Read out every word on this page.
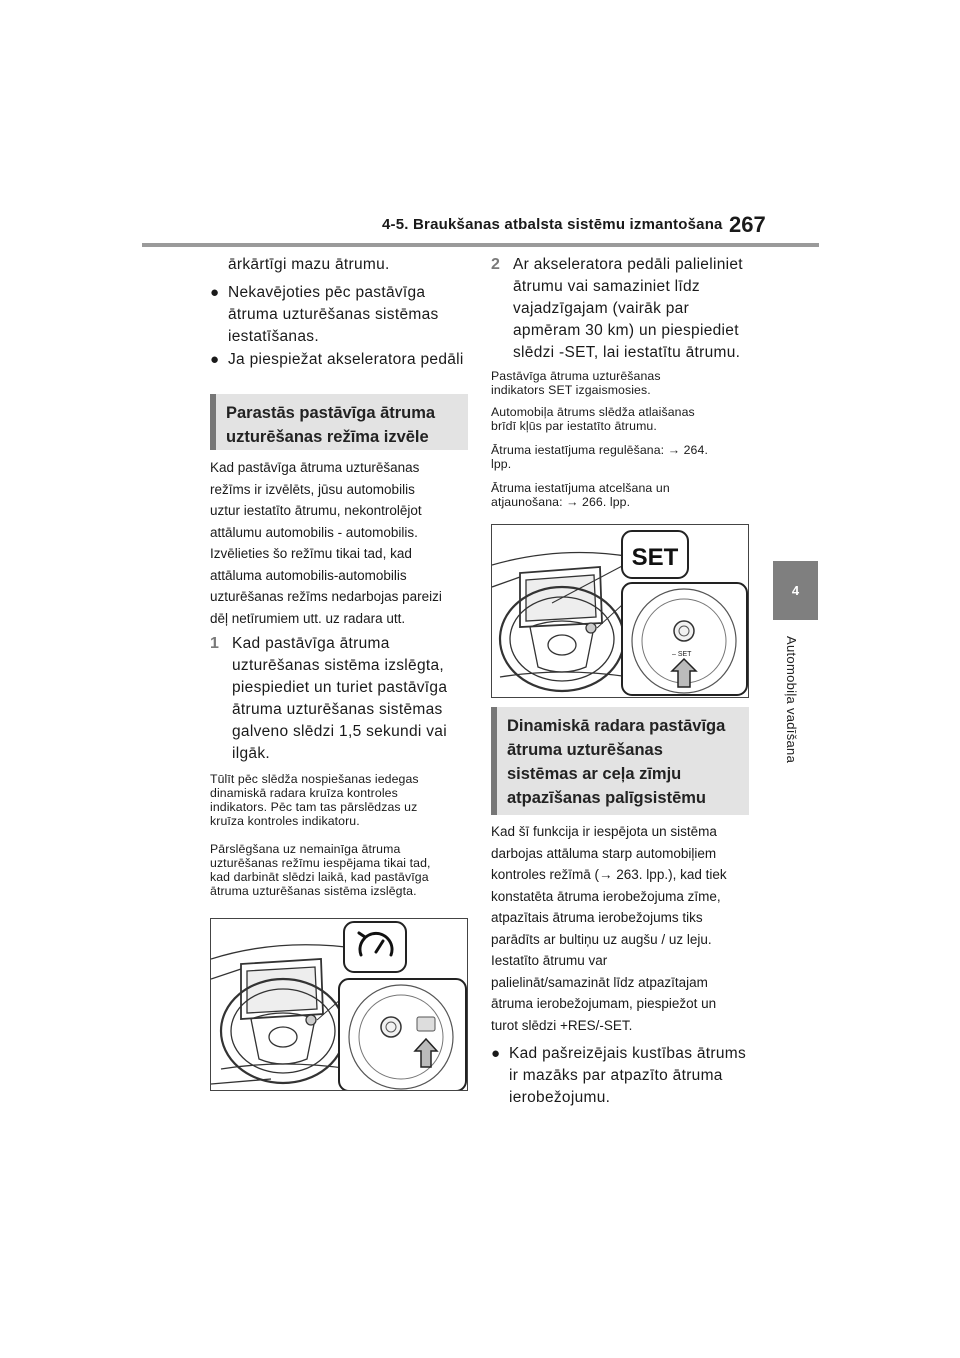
4-5. Braukšanas atbalsta sistēmu izmantošana 267
4
Automobiļa vadīšana
ārkārtīgi mazu ātrumu.
● Nekavējoties pēc pastāvīga
ātruma uzturēšanas sistēmas
iestatīšanas.
● Ja piespiežat akseleratora pedāli
Parastās pastāvīga ātruma
uzturēšanas režīma izvēle
Kad pastāvīga ātruma uzturēšanas
režīms ir izvēlēts, jūsu automobilis
uztur iestatīto ātrumu, nekontrolējot
attālumu automobilis - automobilis.
Izvēlieties šo režīmu tikai tad, kad
attāluma automobilis-automobilis
uzturēšanas režīms nedarbojas pareizi
dēļ netīrumiem utt. uz radara utt.
1 Kad pastāvīga ātruma
uzturēšanas sistēma izslēgta,
piespiediet un turiet pastāvīga
ātruma uzturēšanas sistēmas
galveno slēdzi 1,5 sekundi vai
ilgāk.
Tūlīt pēc slēdža nospiešanas iedegas
dinamiskā radara kruīza kontroles
indikators. Pēc tam tas pārslēdzas uz
kruīza kontroles indikatoru.
Pārslēgšana uz nemainīga ātruma
uzturēšanas režīmu iespējama tikai tad,
kad darbināt slēdzi laikā, kad pastāvīga
ātruma uzturēšanas sistēma izslēgta.
2 Ar akseleratora pedāli palieliniet
ātrumu vai samaziniet līdz
vajadzīgajam (vairāk par
apmēram 30 km) un piespiediet
slēdzi -SET, lai iestatītu ātrumu.
Pastāvīga ātruma uzturēšanas
indikators SET izgaismosies.
Automobiļa ātrums slēdža atlaišanas
brīdī kļūs par iestatīto ātrumu.
Ātruma iestatījuma regulēšana: → 264.
lpp.
Ātruma iestatījuma atcelšana un
atjaunošana: → 266. lpp.
– SET
SET
Dinamiskā radara pastāvīga
ātruma uzturēšanas
sistēmas ar ceļa zīmju
atpazīšanas palīgsistēmu
Kad šī funkcija ir iespējota un sistēma
darbojas attāluma starp automobiļiem
kontroles režīmā (→ 263. lpp.), kad tiek
konstatēta ātruma ierobežojuma zīme,
atpazītais ātruma ierobežojums tiks
parādīts ar bultiņu uz augšu / uz leju.
Iestatīto ātrumu var
palielināt/samazināt līdz atpazītajam
ātruma ierobežojumam, piespiežot un
turot slēdzi +RES/-SET.
● Kad pašreizējais kustības ātrums
ir mazāks par atpazīto ātruma
ierobežojumu.
